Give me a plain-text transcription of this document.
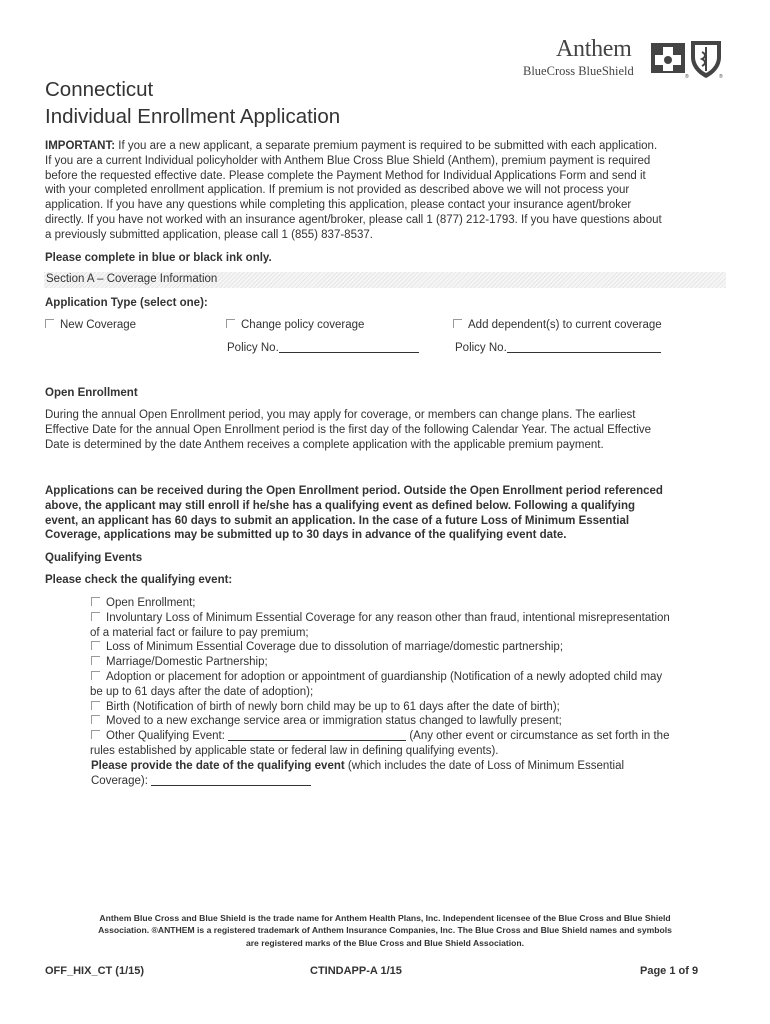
Anthem
BlueCross BlueShield	®	®
Connecticut
Individual Enrollment Application
IMPORTANT: If you are a new applicant, a separate premium payment is required to be submitted with each application.
If you are a current Individual policyholder with Anthem Blue Cross Blue Shield (Anthem), premium payment is required
before the requested effective date. Please complete the Payment Method for Individual Applications Form and send it
with your completed enrollment application. If premium is not provided as described above we will not process your
application. If you have any questions while completing this application, please contact your insurance agent/broker
directly. If you have not worked with an insurance agent/broker, please call 1 (877) 212-1793. If you have questions about
a previously submitted application, please call 1 (855) 837-8537.
Please complete in blue or black ink only.
Section A – Coverage Information
Application Type (select one):
New Coverage	Change policy coverage	Add dependent(s) to current coverage
Policy No.	Policy No.
Open Enrollment
During the annual Open Enrollment period, you may apply for coverage, or members can change plans. The earliest
Effective Date for the annual Open Enrollment period is the first day of the following Calendar Year. The actual Effective
Date is determined by the date Anthem receives a complete application with the applicable premium payment.
Applications can be received during the Open Enrollment period. Outside the Open Enrollment period referenced
above, the applicant may still enroll if he/she has a qualifying event as defined below. Following a qualifying
event, an applicant has 60 days to submit an application. In the case of a future Loss of Minimum Essential
Coverage, applications may be submitted up to 30 days in advance of the qualifying event date.
Qualifying Events
Please check the qualifying event:
Open Enrollment;
Involuntary Loss of Minimum Essential Coverage for any reason other than fraud, intentional misrepresentation
of a material fact or failure to pay premium;
Loss of Minimum Essential Coverage due to dissolution of marriage/domestic partnership;
Marriage/Domestic Partnership;
Adoption or placement for adoption or appointment of guardianship (Notification of a newly adopted child may
be up to 61 days after the date of adoption);
Birth (Notification of birth of newly born child may be up to 61 days after the date of birth);
Moved to a new exchange service area or immigration status changed to lawfully present;
Other Qualifying Event:	(Any other event or circumstance as set forth in the
rules established by applicable state or federal law in defining qualifying events).
Please provide the date of the qualifying event (which includes the date of Loss of Minimum Essential
Coverage):
Anthem Blue Cross and Blue Shield is the trade name for Anthem Health Plans, Inc. Independent licensee of the Blue Cross and Blue Shield
Association. ®ANTHEM is a registered trademark of Anthem Insurance Companies, Inc. The Blue Cross and Blue Shield names and symbols
are registered marks of the Blue Cross and Blue Shield Association.
OFF_HIX_CT (1/15)	CTINDAPP-A 1/15	Page 1 of 9
